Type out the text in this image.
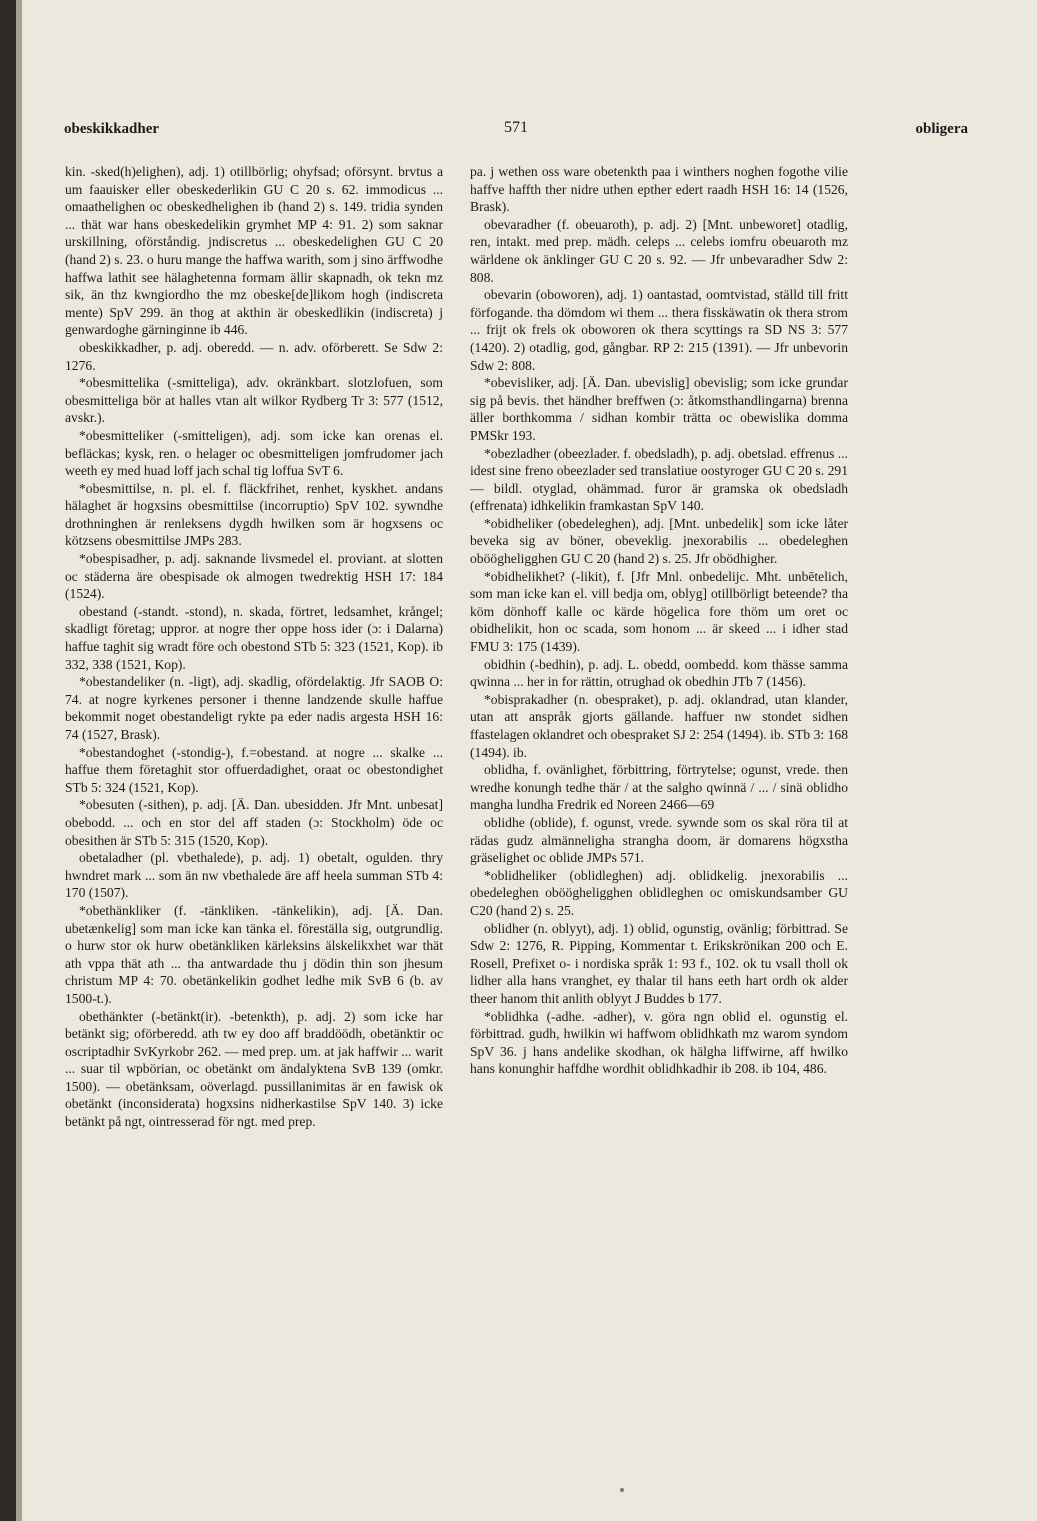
obeskikkadher	571	obligera

kin. -sked(h)elighen), adj. 1) otillbörlig; ohyfsad; oförsynt. brvtus a um faauisker eller obeskederlikin GU C 20 s. 62. immodicus ... omaathelighen oc obeskedhelighen ib (hand 2) s. 149. tridia synden ... thät war hans obeskedelikin grymhet MP 4: 91. 2) som saknar urskillning, oförståndig. jndiscretus ... obeskedelighen GU C 20 (hand 2) s. 23. o huru mange the haffwa warith, som j sino ärffwodhe haffwa lathit see hälaghetenna formam ällir skapnadh, ok tekn mz sik, än thz kwngiordho the mz obeske[de]likom hogh (indiscreta mente) SpV 299. än thog at akthin är obeskedlikin (indiscreta) j genwardoghe gärninginne ib 446.

obeskikkadher, p. adj. oberedd. — n. adv. oförberett. Se Sdw 2: 1276.

*obesmittelika (-smitteliga), adv. okränkbart. slotzlofuen, som obesmitteliga bör at halles vtan alt wilkor Rydberg Tr 3: 577 (1512, avskr.).

*obesmitteliker (-smitteligen), adj. som icke kan orenas el. befläckas; kysk, ren. o helager oc obesmitteligen jomfrudomer jach weeth ey med huad loff jach schal tig loffua SvT 6.

*obesmittilse, n. pl. el. f. fläckfrihet, renhet, kyskhet. andans hälaghet är hogxsins obesmittilse (incorruptio) SpV 102. sywndhe drothninghen är renleksens dygdh hwilken som är hogxsens oc kötzsens obesmittilse JMPs 283.

*obespisadher, p. adj. saknande livsmedel el. proviant. at slotten oc städerna äre obespisade ok almogen twedrektig HSH 17: 184 (1524).

obestand (-standt. -stond), n. skada, förtret, ledsamhet, krångel; skadligt företag; uppror. at nogre ther oppe hoss ider (ɔ: i Dalarna) haffue taghit sig wradt före och obestond STb 5: 323 (1521, Kop). ib 332, 338 (1521, Kop).

*obestandeliker (n. -ligt), adj. skadlig, ofördelaktig. Jfr SAOB O: 74. at nogre kyrkenes personer i thenne landzende skulle haffue bekommit noget obestandeligt rykte pa eder nadis argesta HSH 16: 74 (1527, Brask).

*obestandoghet (-stondig-), f.=obestand. at nogre ... skalke ... haffue them företaghit stor offuerdadighet, oraat oc obestondighet STb 5: 324 (1521, Kop).

*obesuten (-sithen), p. adj. [Ä. Dan. ubesidden. Jfr Mnt. unbesat] obebodd. ... och en stor del aff staden (ɔ: Stockholm) öde oc obesithen är STb 5: 315 (1520, Kop).

obetaladher (pl. vbethalede), p. adj. 1) obetalt, ogulden. thry hwndret mark ... som än nw vbethalede äre aff heela summan STb 4: 170 (1507).

*obethänkliker (f. -tänkliken. -tänkelikin), adj. [Ä. Dan. ubetænkelig] som man icke kan tänka el. föreställa sig, outgrundlig. o hurw stor ok hurw obetänkliken kärleksins älskelikxhet war thät ath vppa thät ath ... tha antwardade thu j dödin thin son jhesum christum MP 4: 70. obetänkelikin godhet ledhe mik SvB 6 (b. av 1500-t.).

obethänkter (-betänkt(ir). -betenkth), p. adj. 2) som icke har betänkt sig; oförberedd. ath tw ey doo aff braddöödh, obetänktir oc oscriptadhir SvKyrkobr 262. — med prep. um. at jak haffwir ... warit ... suar til wpbörian, oc obetänkt om ändalyktena SvB 139 (omkr. 1500). — obetänksam, oöverlagd. pussillanimitas är en fawisk ok obetänkt (inconsiderata) hogxsins nidherkastilse SpV 140. 3) icke betänkt på ngt, ointresserad för ngt. med prep.

pa. j wethen oss ware obetenkth paa i winthers noghen fogothe vilie haffve haffth ther nidre uthen epther edert raadh HSH 16: 14 (1526, Brask).

obevaradher (f. obeuaroth), p. adj. 2) [Mnt. unbeworet] otadlig, ren, intakt. med prep. mädh. celeps ... celebs iomfru obeuaroth mz wärldene ok änklinger GU C 20 s. 92. — Jfr unbevaradher Sdw 2: 808.

obevarin (oboworen), adj. 1) oantastad, oomtvistad, ställd till fritt förfogande. tha dömdom wi them ... thera fisskäwatin ok thera strom ... frijt ok frels ok oboworen ok thera scyttings ra SD NS 3: 577 (1420). 2) otadlig, god, gångbar. RP 2: 215 (1391). — Jfr unbevorin Sdw 2: 808.

*obevisliker, adj. [Ä. Dan. ubevislig] obevislig; som icke grundar sig på bevis. thet händher breffwen (ɔ: åtkomsthandlingarna) brenna äller borthkomma / sidhan kombir trätta oc obewislika domma PMSkr 193.

*obezladher (obeezlader. f. obedsladh), p. adj. obetslad. effrenus ... idest sine freno obeezlader sed translatiue oostyroger GU C 20 s. 291 — bildl. otyglad, ohämmad. furor är gramska ok obedsladh (effrenata) idhkelikin framkastan SpV 140.

*obidheliker (obedeleghen), adj. [Mnt. unbedelik] som icke låter beveka sig av böner, obeveklig. jnexorabilis ... obedeleghen oböögheligghen GU C 20 (hand 2) s. 25. Jfr obödhigher.

*obidhelikhet? (-likit), f. [Jfr Mnl. onbedelijc. Mht. unbētelich, som man icke kan el. vill bedja om, oblyg] otillbörligt beteende? tha köm dönhoff kalle oc kärde högelica fore thöm um oret oc obidhelikit, hon oc scada, som honom ... är skeed ... i idher stad FMU 3: 175 (1439).

obidhin (-bedhin), p. adj. L. obedd, oombedd. kom thässe samma qwinna ... her in for rättin, otrughad ok obedhin JTb 7 (1456).

*obisprakadher (n. obespraket), p. adj. oklandrad, utan klander, utan att anspråk gjorts gällande. haffuer nw stondet sidhen ffastelagen oklandret och obespraket SJ 2: 254 (1494). ib. STb 3: 168 (1494). ib.

oblidha, f. ovänlighet, förbittring, förtrytelse; ogunst, vrede. then wredhe konungh tedhe thär / at the salgho qwinnä / ... / sinä oblidho mangha lundha Fredrik ed Noreen 2466—69

oblidhe (oblide), f. ogunst, vrede. sywnde som os skal röra til at rädas gudz almänneligha strangha doom, är domarens högxstha gräselighet oc oblide JMPs 571.

*oblidheliker (oblidleghen) adj. oblidkelig. jnexorabilis ... obedeleghen oböögheligghen oblidleghen oc omiskundsamber GU C20 (hand 2) s. 25.

oblidher (n. oblyyt), adj. 1) oblid, ogunstig, ovänlig; förbittrad. Se Sdw 2: 1276, R. Pipping, Kommentar t. Erikskrönikan 200 och E. Rosell, Prefixet o- i nordiska språk 1: 93 f., 102. ok tu vsall tholl ok lidher alla hans vranghet, ey thalar til hans eeth hart ordh ok alder theer hanom thit anlith oblyyt J Buddes b 177.

*oblidhka (-adhe. -adher), v. göra ngn oblid el. ogunstig el. förbittrad. gudh, hwilkin wi haffwom oblidhkath mz warom syndom SpV 36. j hans andelike skodhan, ok hälgha liffwirne, aff hwilko hans konunghir haffdhe wordhit oblidhkadhir ib 208. ib 104, 486.
